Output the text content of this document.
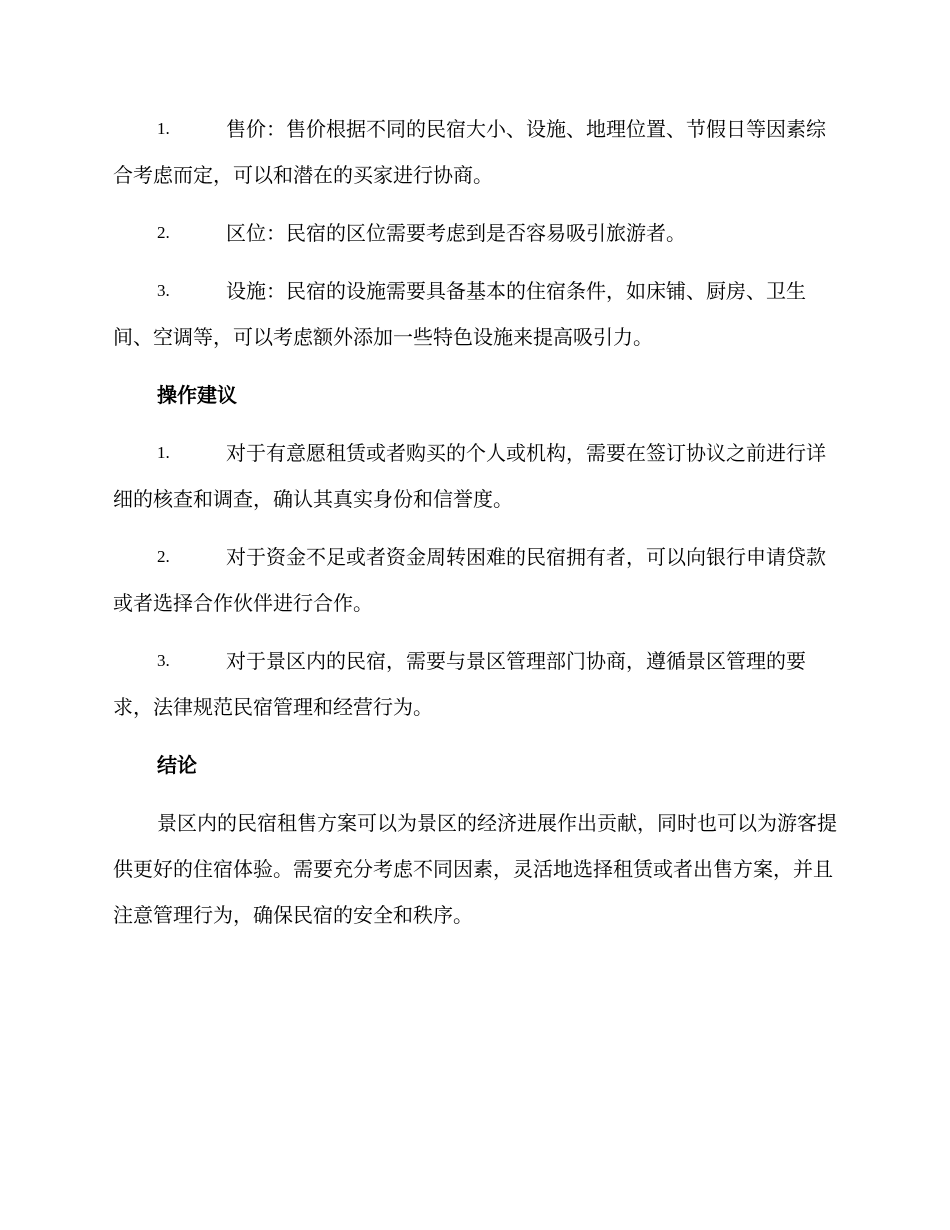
1.	售价：售价根据不同的民宿大小、设施、地理位置、节假日等因素综合考虑而定，可以和潜在的买家进行协商。

2.	区位：民宿的区位需要考虑到是否容易吸引旅游者。

3.	设施：民宿的设施需要具备基本的住宿条件，如床铺、厨房、卫生间、空调等，可以考虑额外添加一些特色设施来提高吸引力。

操作建议

1.	对于有意愿租赁或者购买的个人或机构，需要在签订协议之前进行详细的核查和调查，确认其真实身份和信誉度。

2.	对于资金不足或者资金周转困难的民宿拥有者，可以向银行申请贷款或者选择合作伙伴进行合作。

3.	对于景区内的民宿，需要与景区管理部门协商，遵循景区管理的要求，法律规范民宿管理和经营行为。

结论

景区内的民宿租售方案可以为景区的经济进展作出贡献，同时也可以为游客提供更好的住宿体验。需要充分考虑不同因素，灵活地选择租赁或者出售方案，并且注意管理行为，确保民宿的安全和秩序。
